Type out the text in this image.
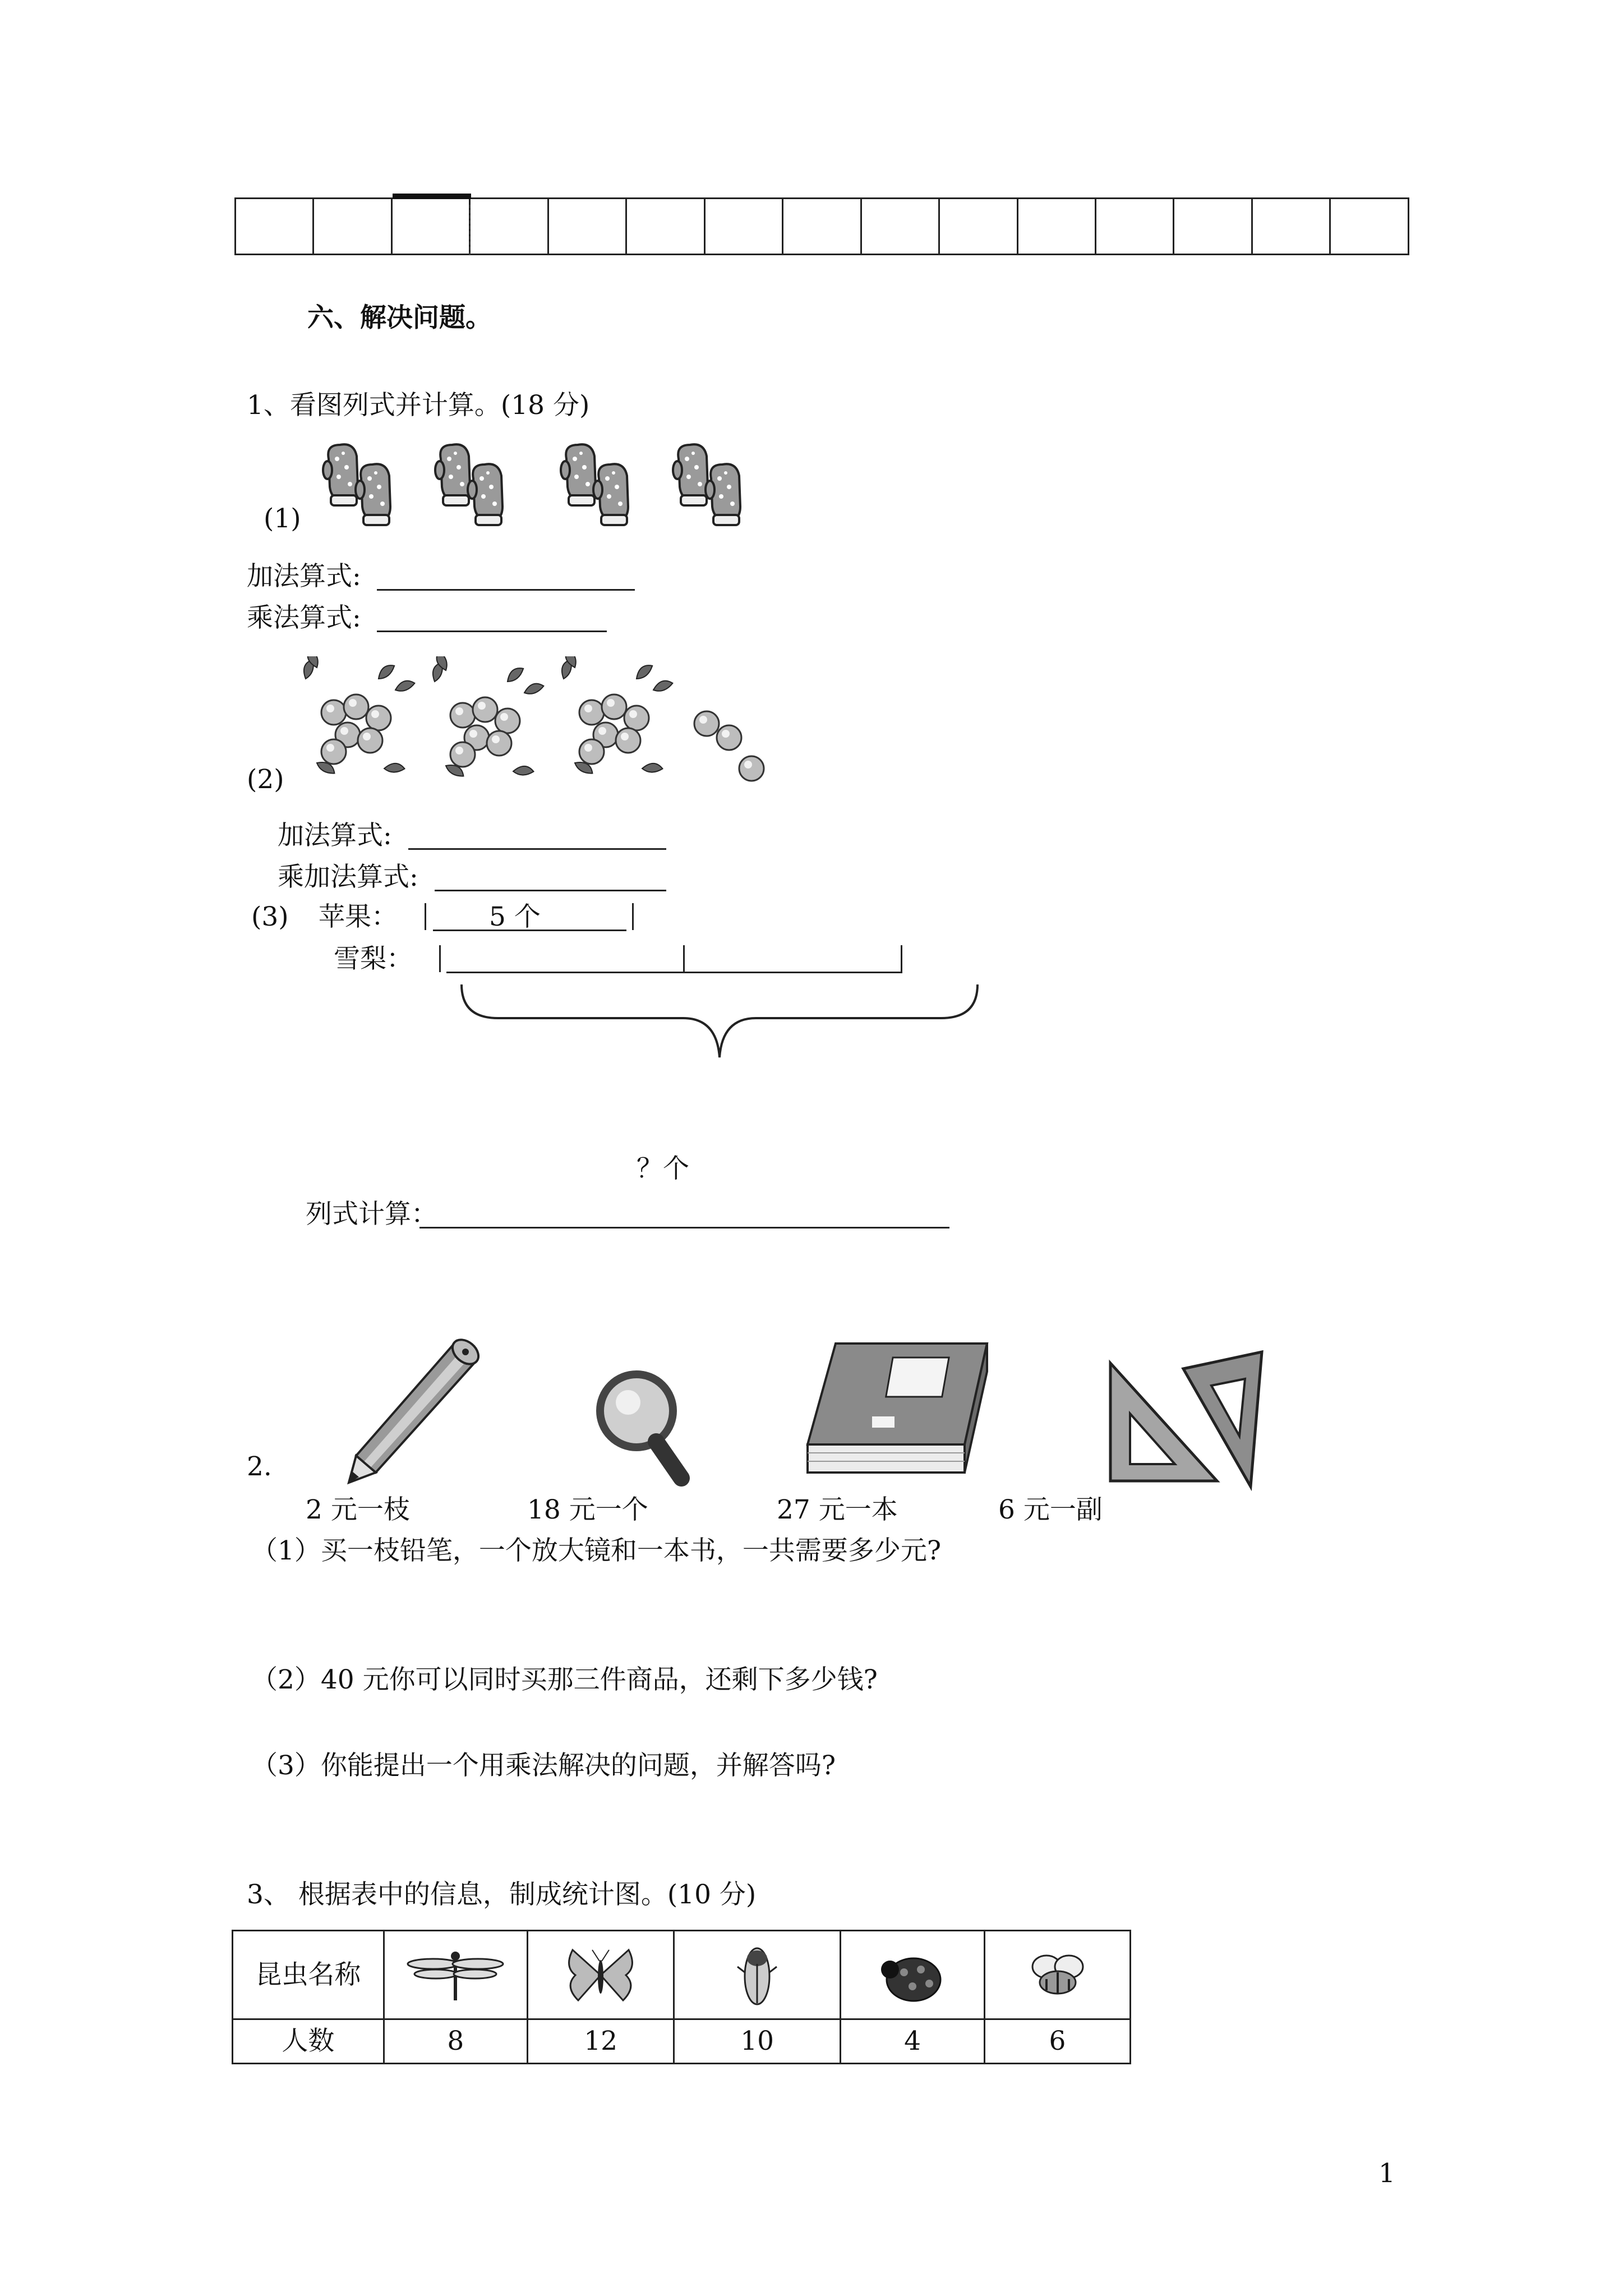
六、解决问题。
1、看图列式并计算。(18 分)
(1)
加法算式:
乘法算式:
(2)
加法算式:
乘加法算式:
(3) 苹果：	5 个
雪梨：
？个
列式计算：
2.
2 元一枝	18 元一个	27 元一本	6 元一副
（1）买一枝铅笔，一个放大镜和一本书，一共需要多少元?
（2）40 元你可以同时买那三件商品，还剩下多少钱?
（3）你能提出一个用乘法解决的问题，并解答吗?
3、 根据表中的信息，制成统计图。(10 分)
昆虫名称	

人数	8	12	10	4	6
1
